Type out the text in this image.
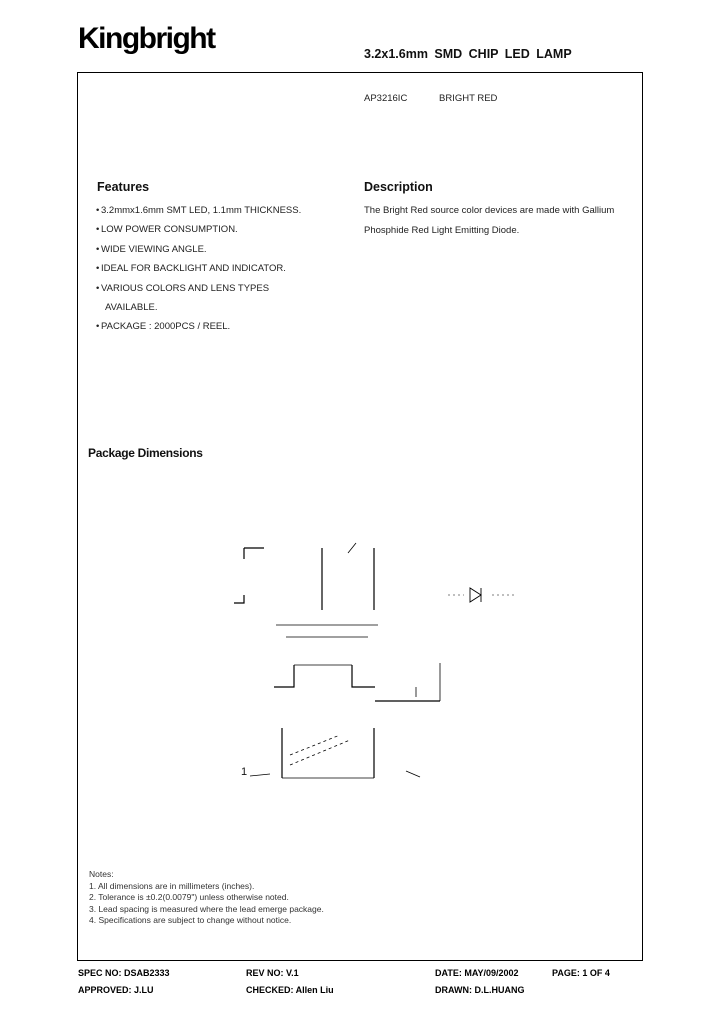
Kingbright	3.2x1.6mm SMD CHIP LED LAMP
AP3216IC	BRIGHT RED
Features
• 3.2mmx1.6mm SMT LED, 1.1mm THICKNESS.
• LOW POWER CONSUMPTION.
• WIDE VIEWING ANGLE.
• IDEAL FOR BACKLIGHT AND INDICATOR.
• VARIOUS COLORS AND LENS TYPES
AVAILABLE.
• PACKAGE : 2000PCS / REEL.
Description
The Bright Red source color devices are made with Gallium Phosphide Red Light Emitting Diode.
Package Dimensions
1
Notes:
1. All dimensions are in millimeters (inches).
2. Tolerance is ±0.2(0.0079") unless otherwise noted.
3. Lead spacing is measured where the lead emerge package.
4. Specifications are subject to change without notice.
SPEC NO: DSAB2333	REV NO: V.1	DATE: MAY/09/2002	PAGE: 1 OF 4
APPROVED: J.LU	CHECKED: Allen Liu	DRAWN: D.L.HUANG
